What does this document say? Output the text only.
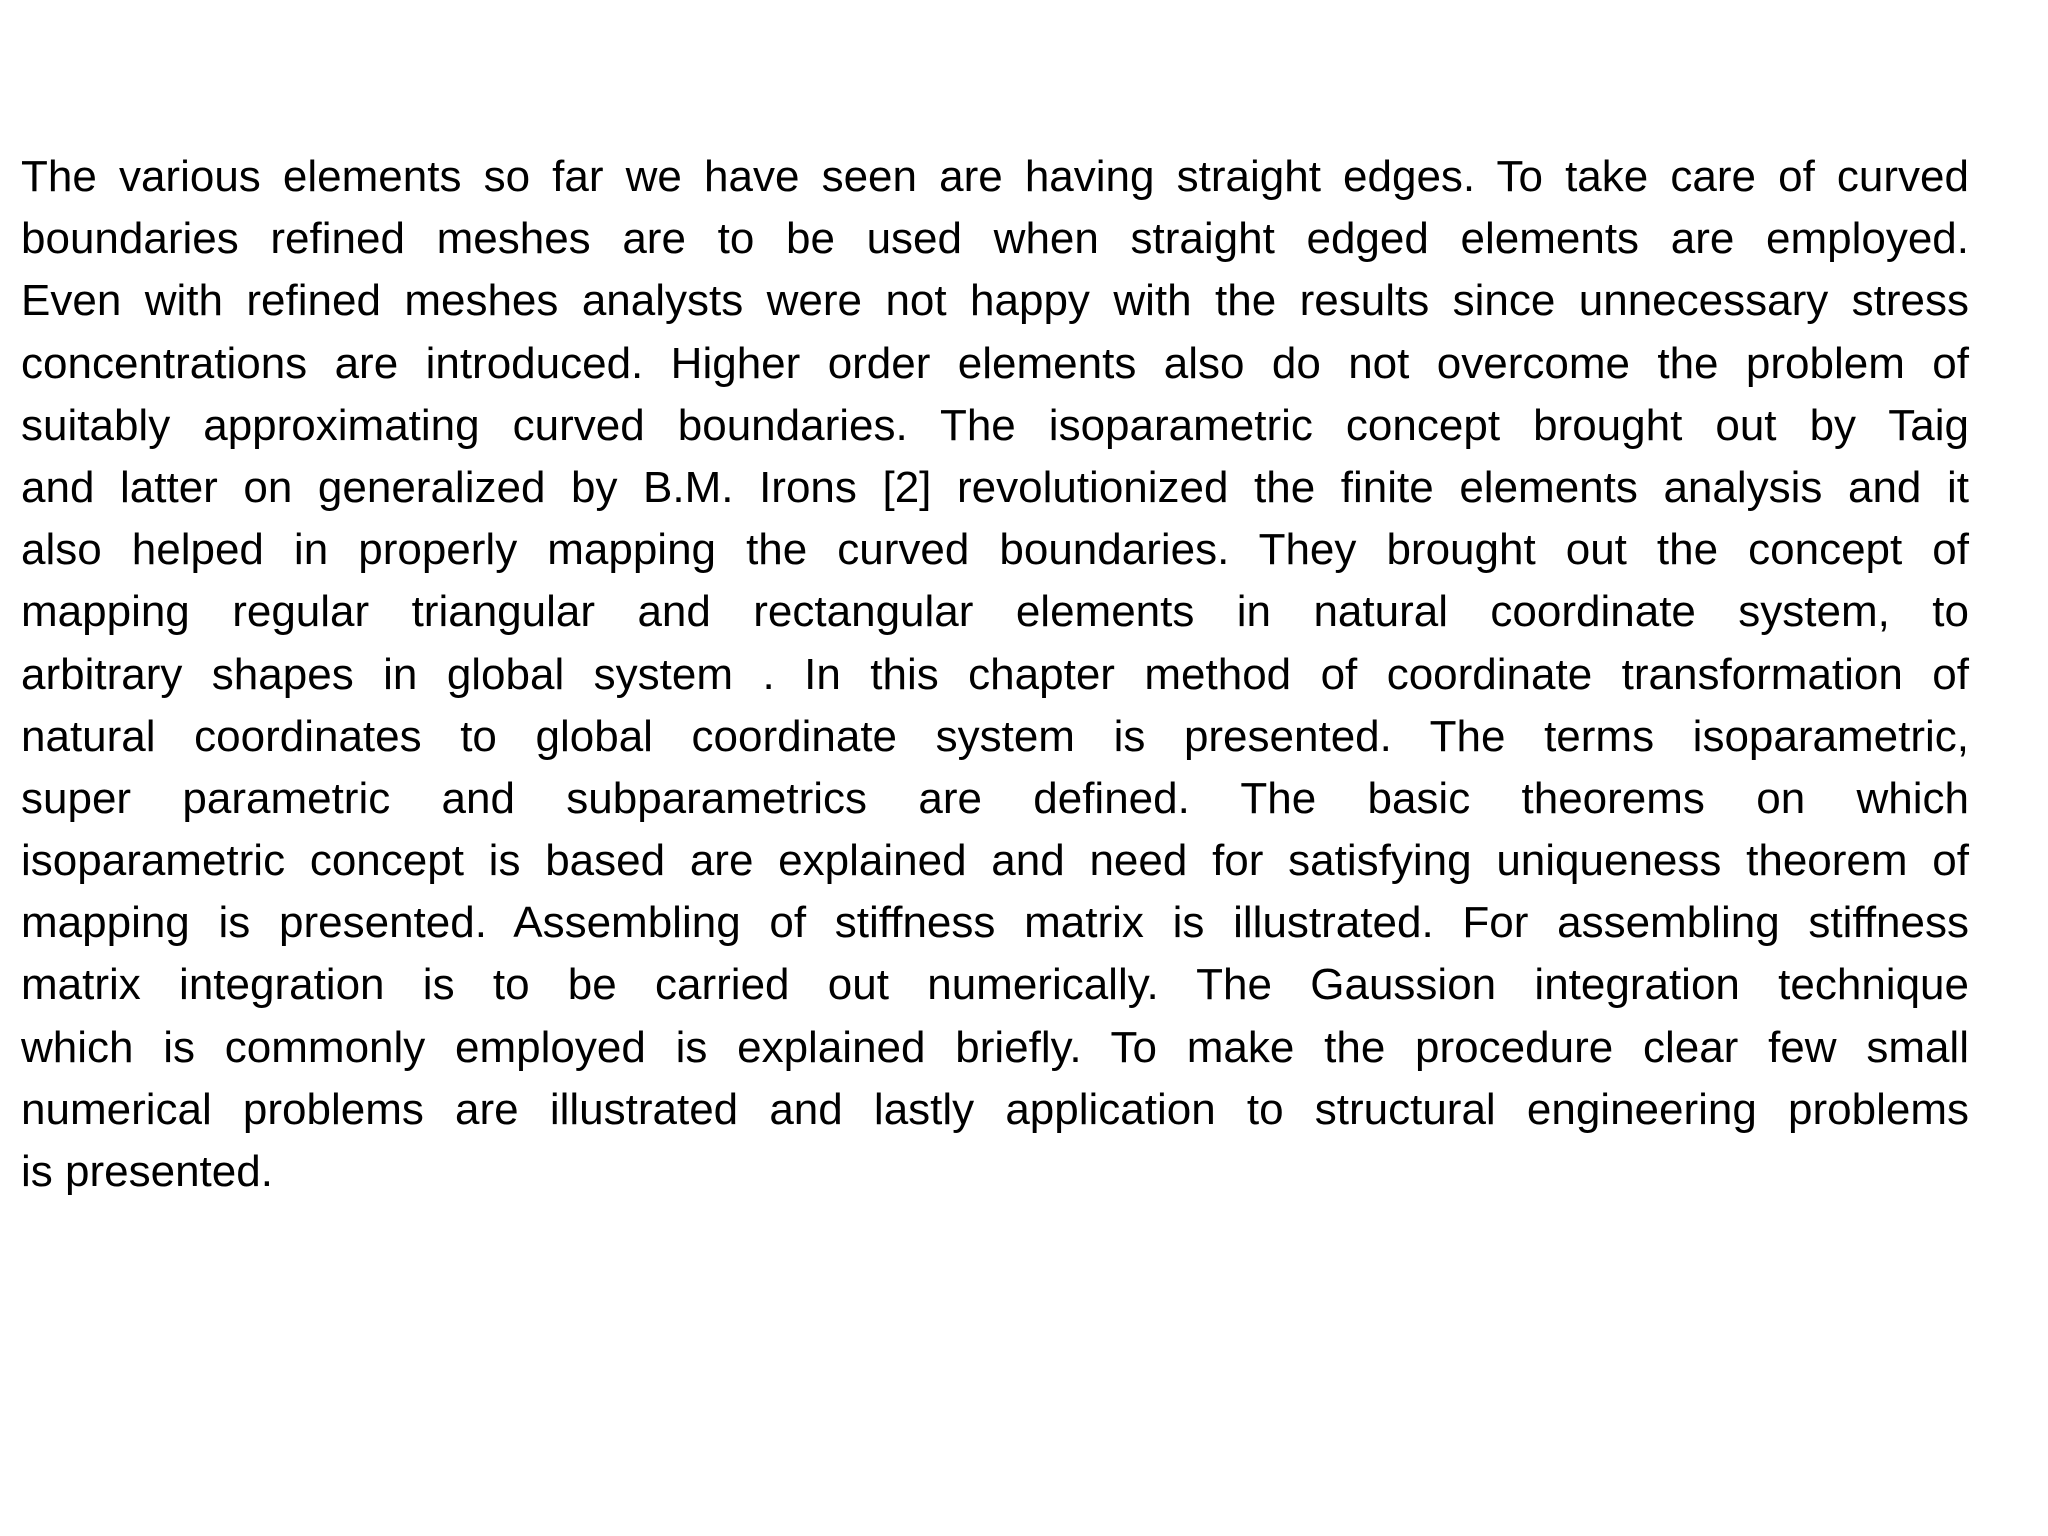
The various elements so far we have seen are having straight edges. To take care of curved
boundaries refined meshes are to be used when straight edged elements are employed.
Even with refined meshes analysts were not happy with the results since unnecessary stress
concentrations are introduced. Higher order elements also do not overcome the problem of
suitably approximating curved boundaries. The isoparametric concept brought out by Taig
and latter on generalized by B.M. Irons [2] revolutionized the finite elements analysis and it
also helped in properly mapping the curved boundaries. They brought out the concept of
mapping regular triangular and rectangular elements in natural coordinate system, to
arbitrary shapes in global system . In this chapter method of coordinate transformation of
natural coordinates to global coordinate system is presented. The terms isoparametric,
super parametric and subparametrics are defined. The basic theorems on which
isoparametric concept is based are explained and need for satisfying uniqueness theorem of
mapping is presented. Assembling of stiffness matrix is illustrated. For assembling stiffness
matrix integration is to be carried out numerically. The Gaussion integration technique
which is commonly employed is explained briefly. To make the procedure clear few small
numerical problems are illustrated and lastly application to structural engineering problems
is presented.
